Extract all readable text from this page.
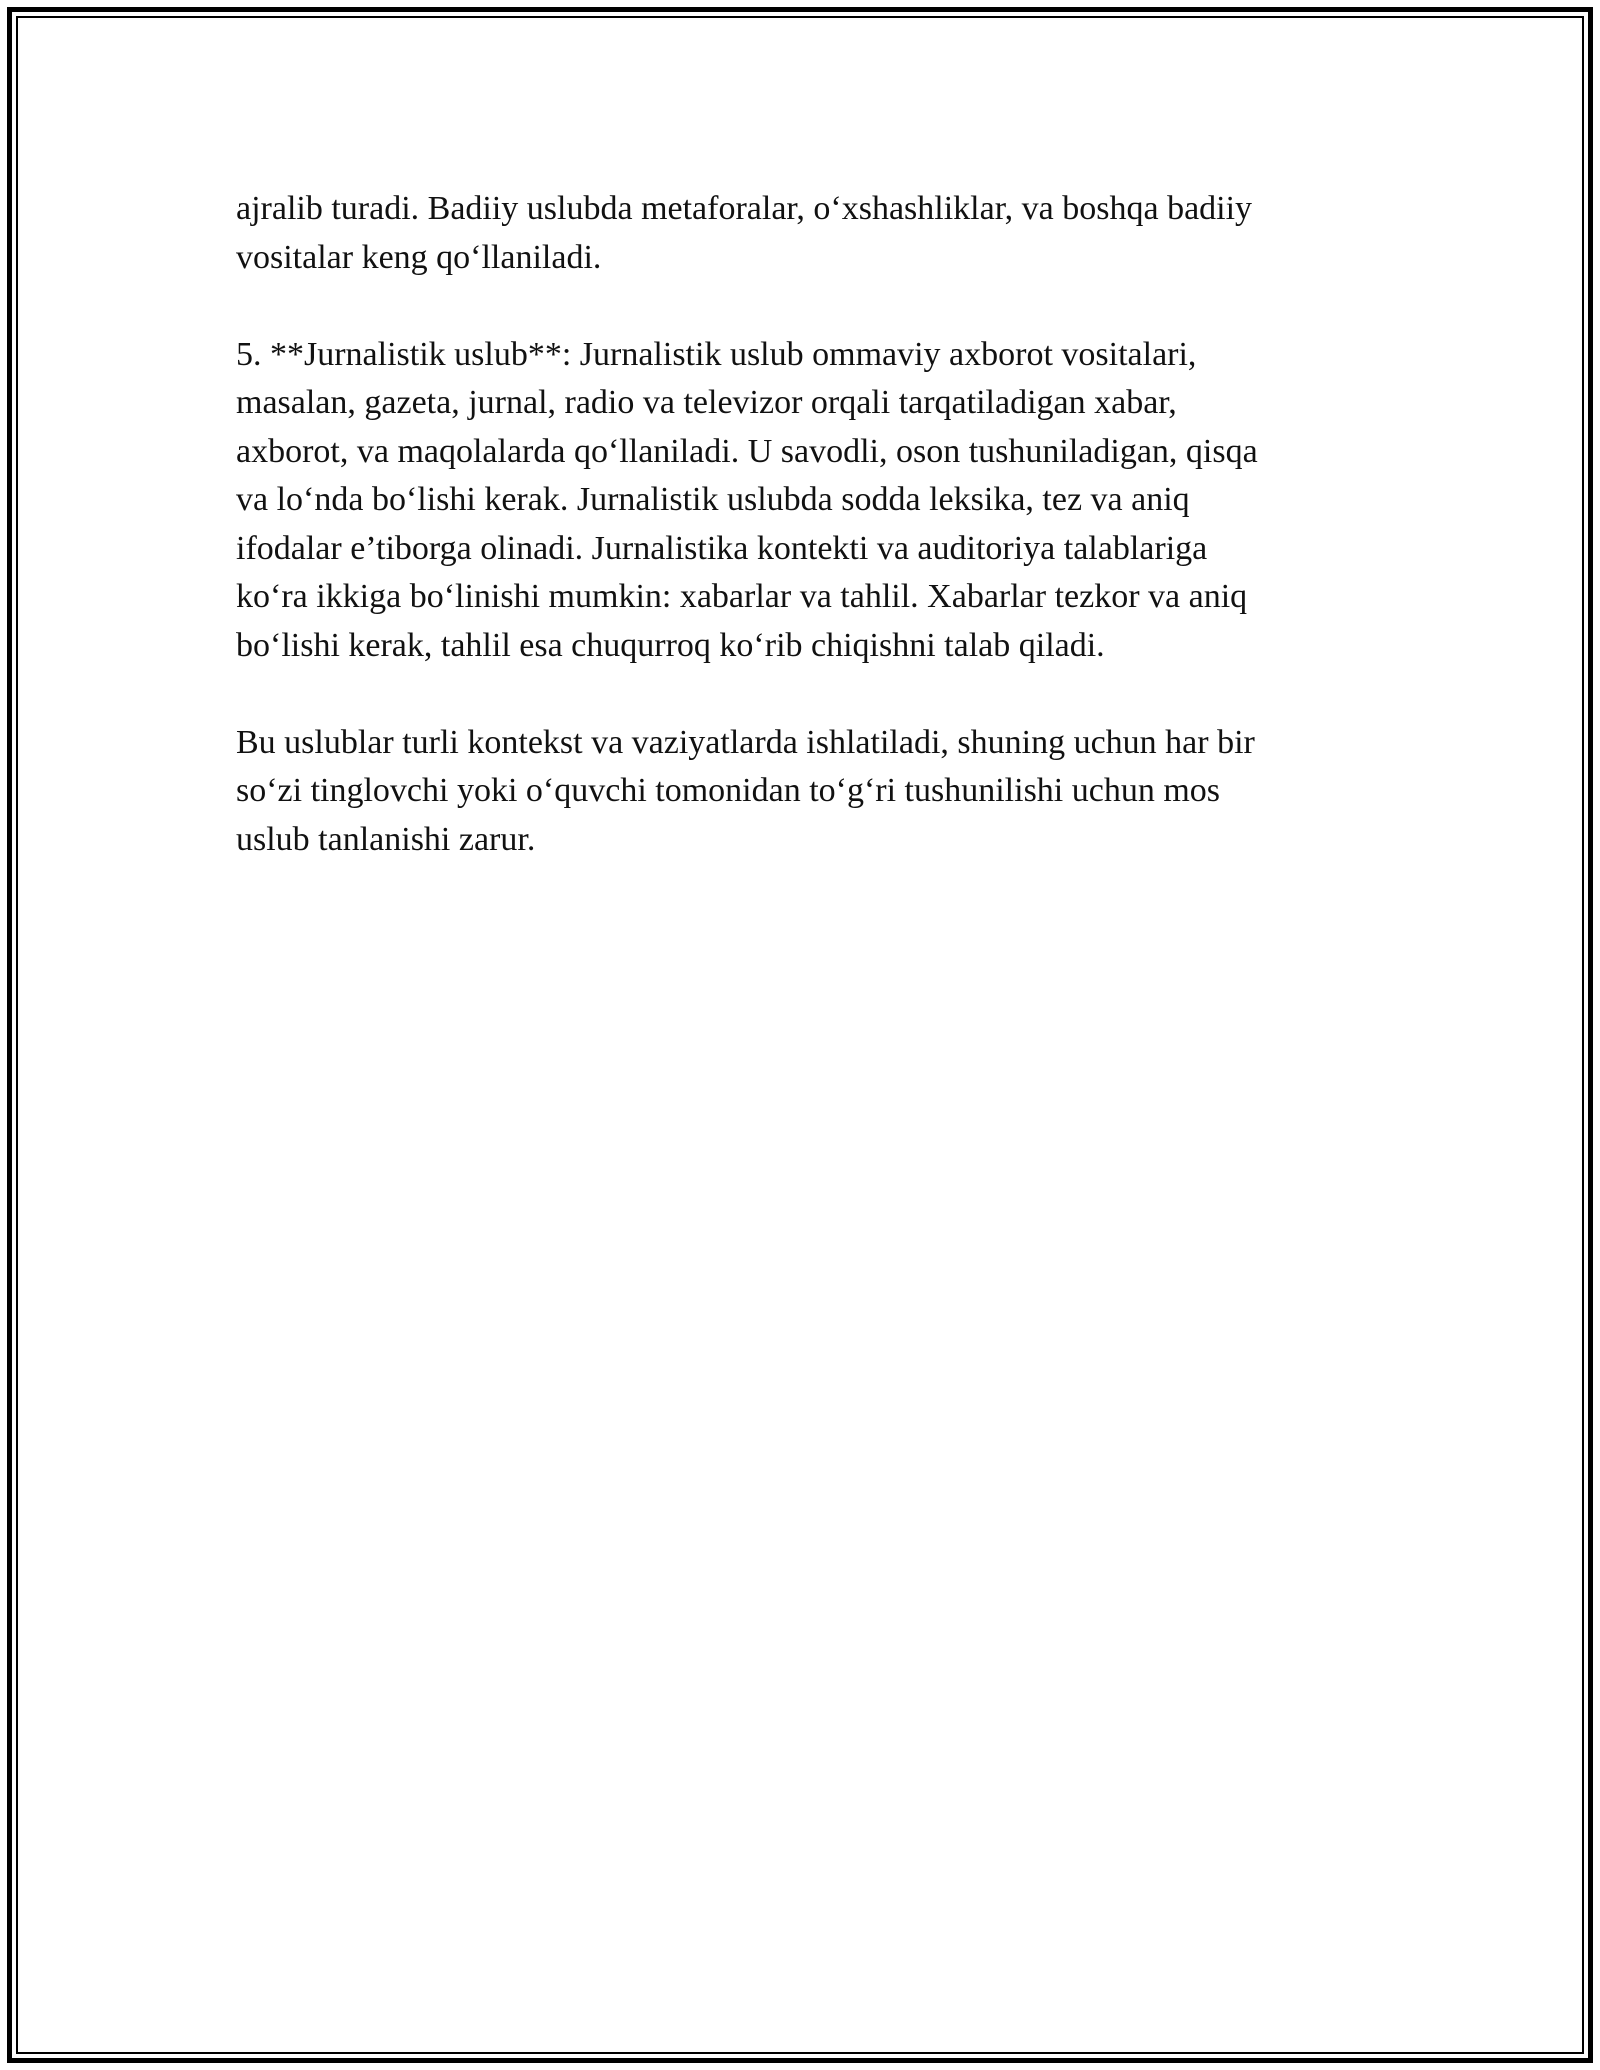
ajralib turadi. Badiiy uslubda metaforalar, o‘xshashliklar, va boshqa badiiy
vositalar keng qo‘llaniladi.

5. **Jurnalistik uslub**: Jurnalistik uslub ommaviy axborot vositalari,
masalan, gazeta, jurnal, radio va televizor orqali tarqatiladigan xabar,
axborot, va maqolalarda qo‘llaniladi. U savodli, oson tushuniladigan, qisqa
va lo‘nda bo‘lishi kerak. Jurnalistik uslubda sodda leksika, tez va aniq
ifodalar e’tiborga olinadi. Jurnalistika kontekti va auditoriya talablariga
ko‘ra ikkiga bo‘linishi mumkin: xabarlar va tahlil. Xabarlar tezkor va aniq
bo‘lishi kerak, tahlil esa chuqurroq ko‘rib chiqishni talab qiladi.

Bu uslublar turli kontekst va vaziyatlarda ishlatiladi, shuning uchun har bir
so‘zi tinglovchi yoki o‘quvchi tomonidan to‘g‘ri tushunilishi uchun mos
uslub tanlanishi zarur.
